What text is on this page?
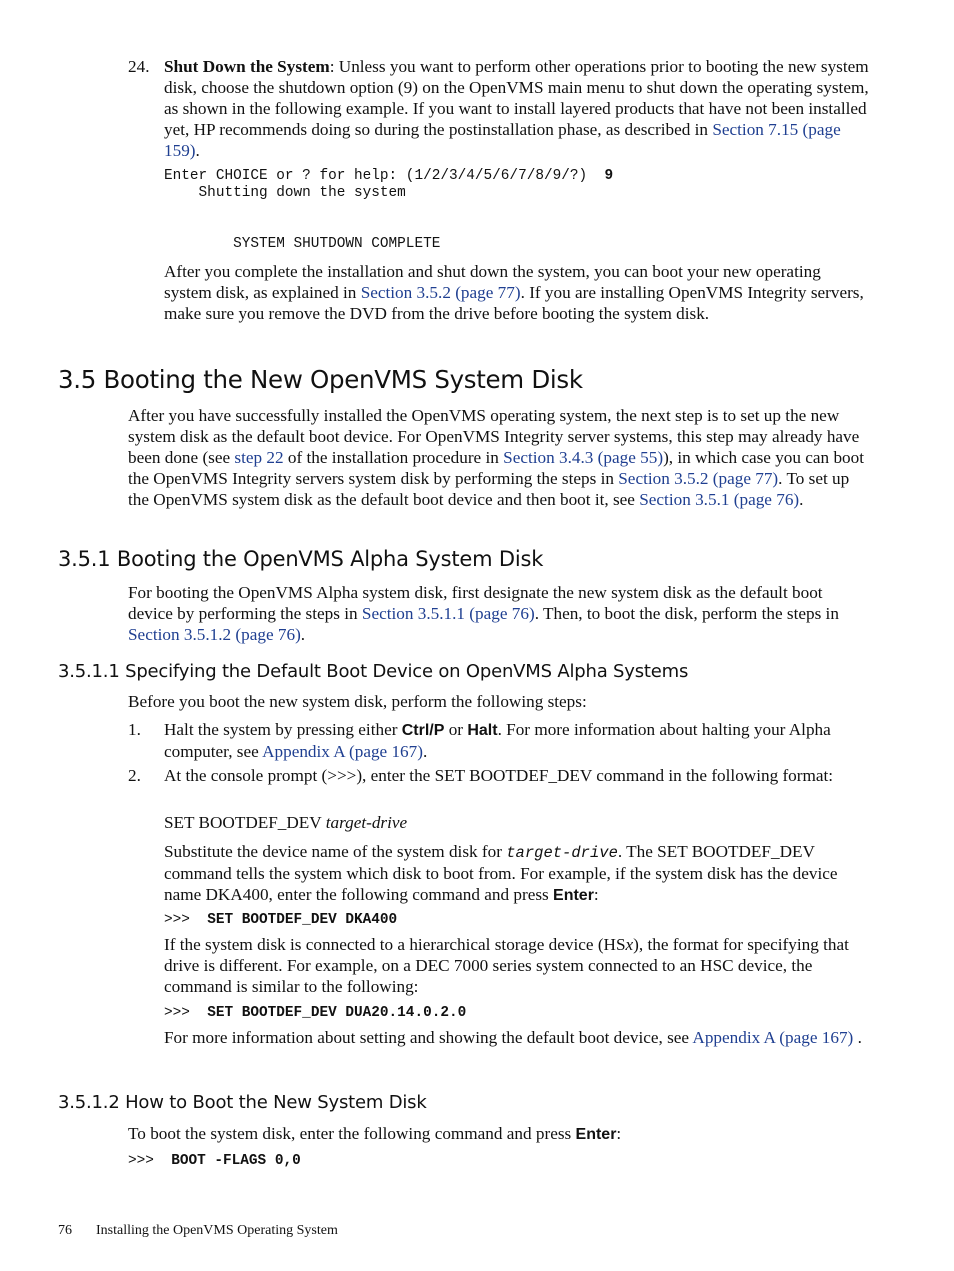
24. Shut Down the System: Unless you want to perform other operations prior to booting the new system disk, choose the shutdown option (9) on the OpenVMS main menu to shut down the operating system, as shown in the following example. If you want to install layered products that have not been installed yet, HP recommends doing so during the postinstallation phase, as described in Section 7.15 (page 159).

Enter CHOICE or ? for help: (1/2/3/4/5/6/7/8/9/?)  9
Shutting down the system

SYSTEM SHUTDOWN COMPLETE

After you complete the installation and shut down the system, you can boot your new operating system disk, as explained in Section 3.5.2 (page 77). If you are installing OpenVMS Integrity servers, make sure you remove the DVD from the drive before booting the system disk.

3.5 Booting the New OpenVMS System Disk

After you have successfully installed the OpenVMS operating system, the next step is to set up the new system disk as the default boot device. For OpenVMS Integrity server systems, this step may already have been done (see step 22 of the installation procedure in Section 3.4.3 (page 55)), in which case you can boot the OpenVMS Integrity servers system disk by performing the steps in Section 3.5.2 (page 77). To set up the OpenVMS system disk as the default boot device and then boot it, see Section 3.5.1 (page 76).

3.5.1 Booting the OpenVMS Alpha System Disk

For booting the OpenVMS Alpha system disk, first designate the new system disk as the default boot device by performing the steps in Section 3.5.1.1 (page 76). Then, to boot the disk, perform the steps in Section 3.5.1.2 (page 76).

3.5.1.1 Specifying the Default Boot Device on OpenVMS Alpha Systems

Before you boot the new system disk, perform the following steps:

1. Halt the system by pressing either Ctrl/P or Halt. For more information about halting your Alpha computer, see Appendix A (page 167).

2. At the console prompt (>>>), enter the SET BOOTDEF_DEV command in the following format:

SET BOOTDEF_DEV target-drive

Substitute the device name of the system disk for target-drive. The SET BOOTDEF_DEV command tells the system which disk to boot from. For example, if the system disk has the device name DKA400, enter the following command and press Enter:

>>>  SET BOOTDEF_DEV DKA400

If the system disk is connected to a hierarchical storage device (HSx), the format for specifying that drive is different. For example, on a DEC 7000 series system connected to an HSC device, the command is similar to the following:

>>>  SET BOOTDEF_DEV DUA20.14.0.2.0

For more information about setting and showing the default boot device, see Appendix A (page 167) .

3.5.1.2 How to Boot the New System Disk

To boot the system disk, enter the following command and press Enter:

>>>  BOOT -FLAGS 0,0
76 Installing the OpenVMS Operating System
